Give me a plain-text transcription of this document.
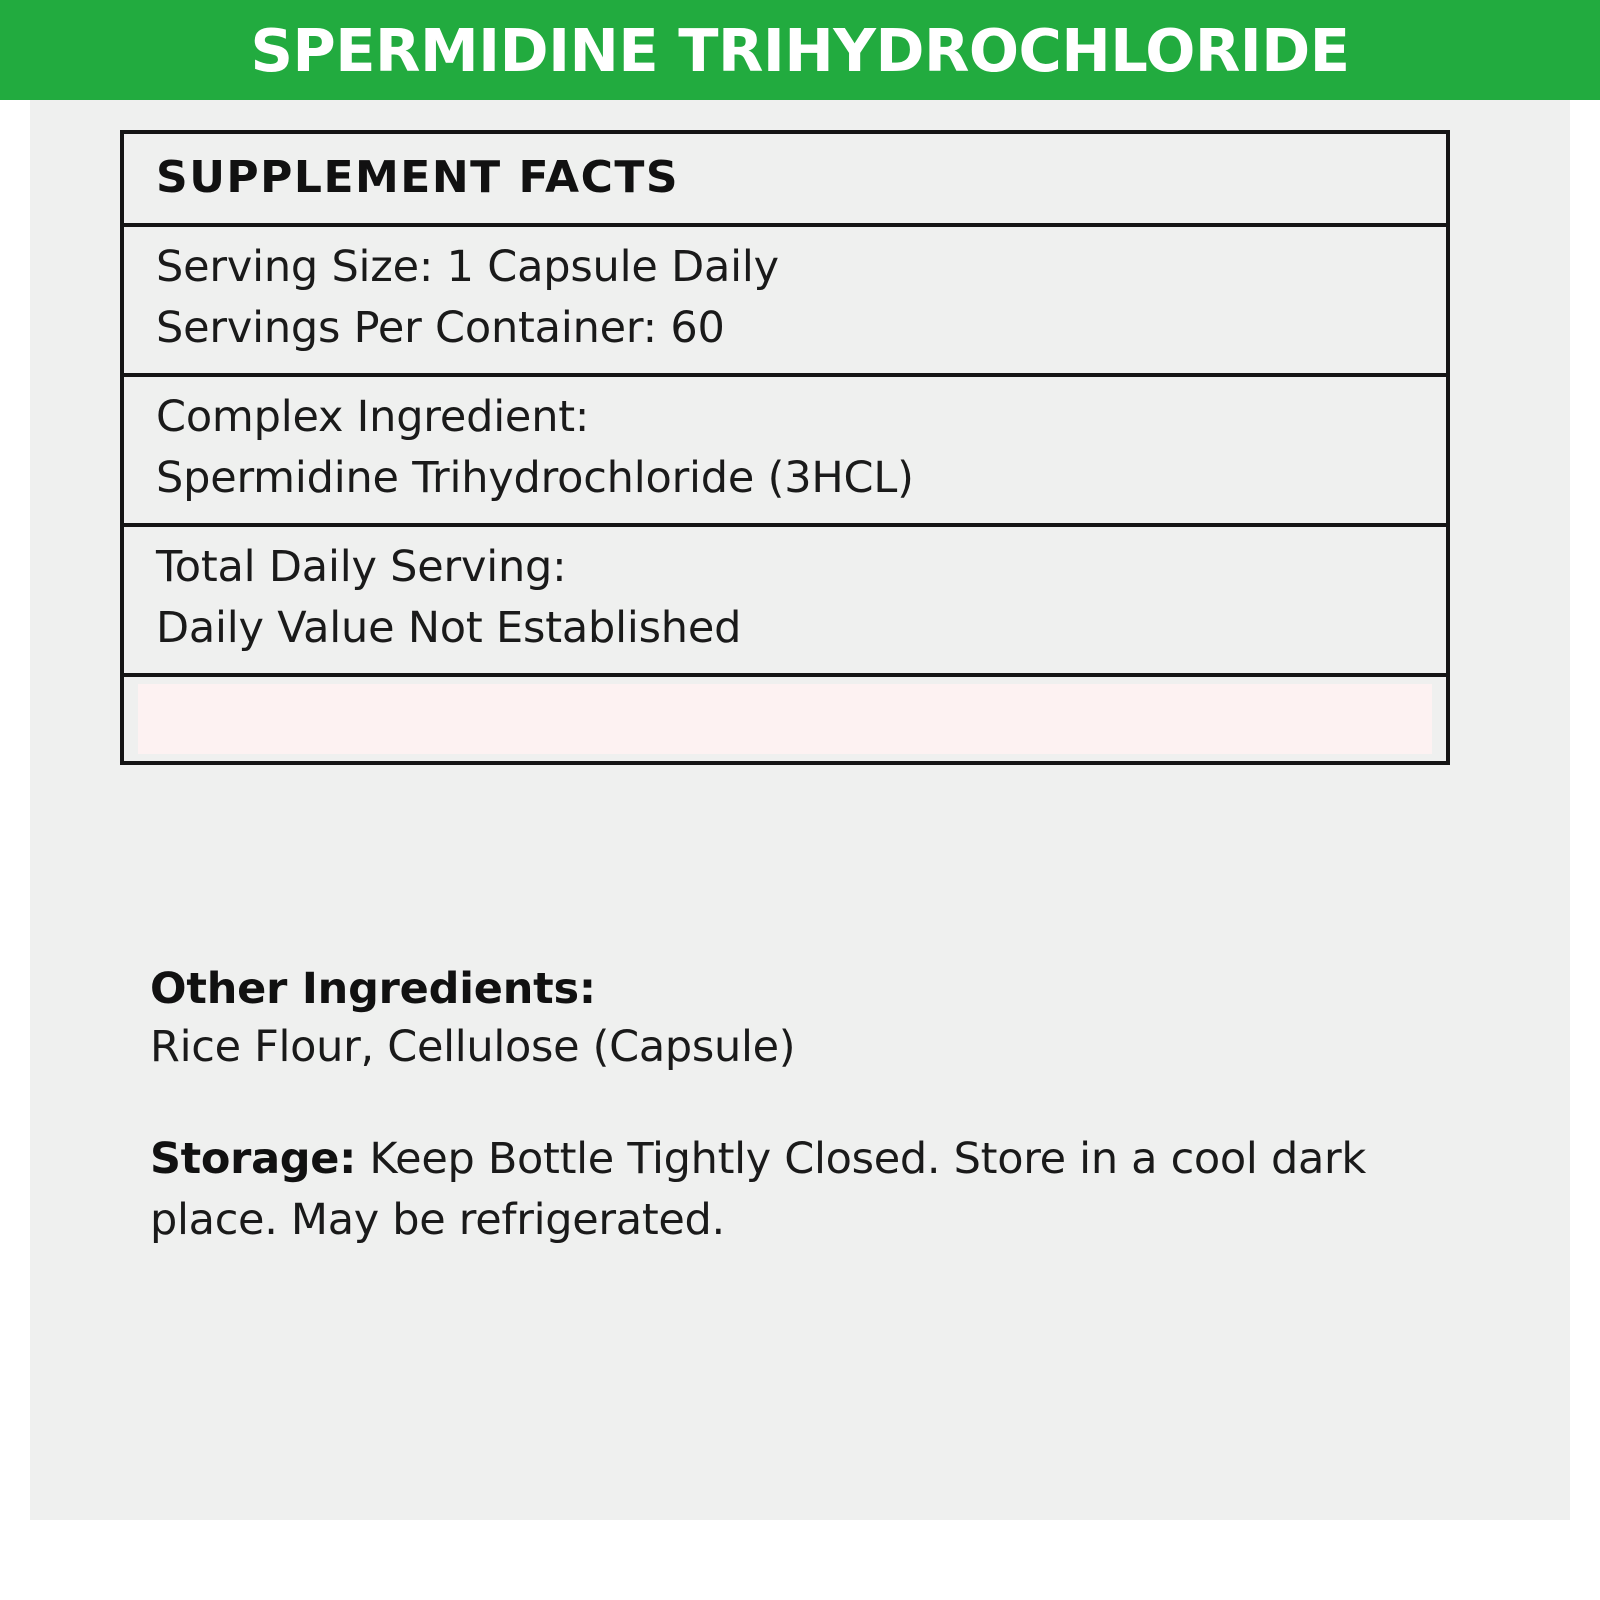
SPERMIDINE TRIHYDROCHLORIDE
SUPPLEMENT FACTS
Serving Size: 1 Capsule Daily
Servings Per Container: 60
Complex Ingredient:
Spermidine Trihydrochloride (3HCL)
Total Daily Serving:
Daily Value Not Established
Other Ingredients:
Rice Flour, Cellulose (Capsule)
Storage: Keep Bottle Tightly Closed. Store in a cool dark place. May be refrigerated.
